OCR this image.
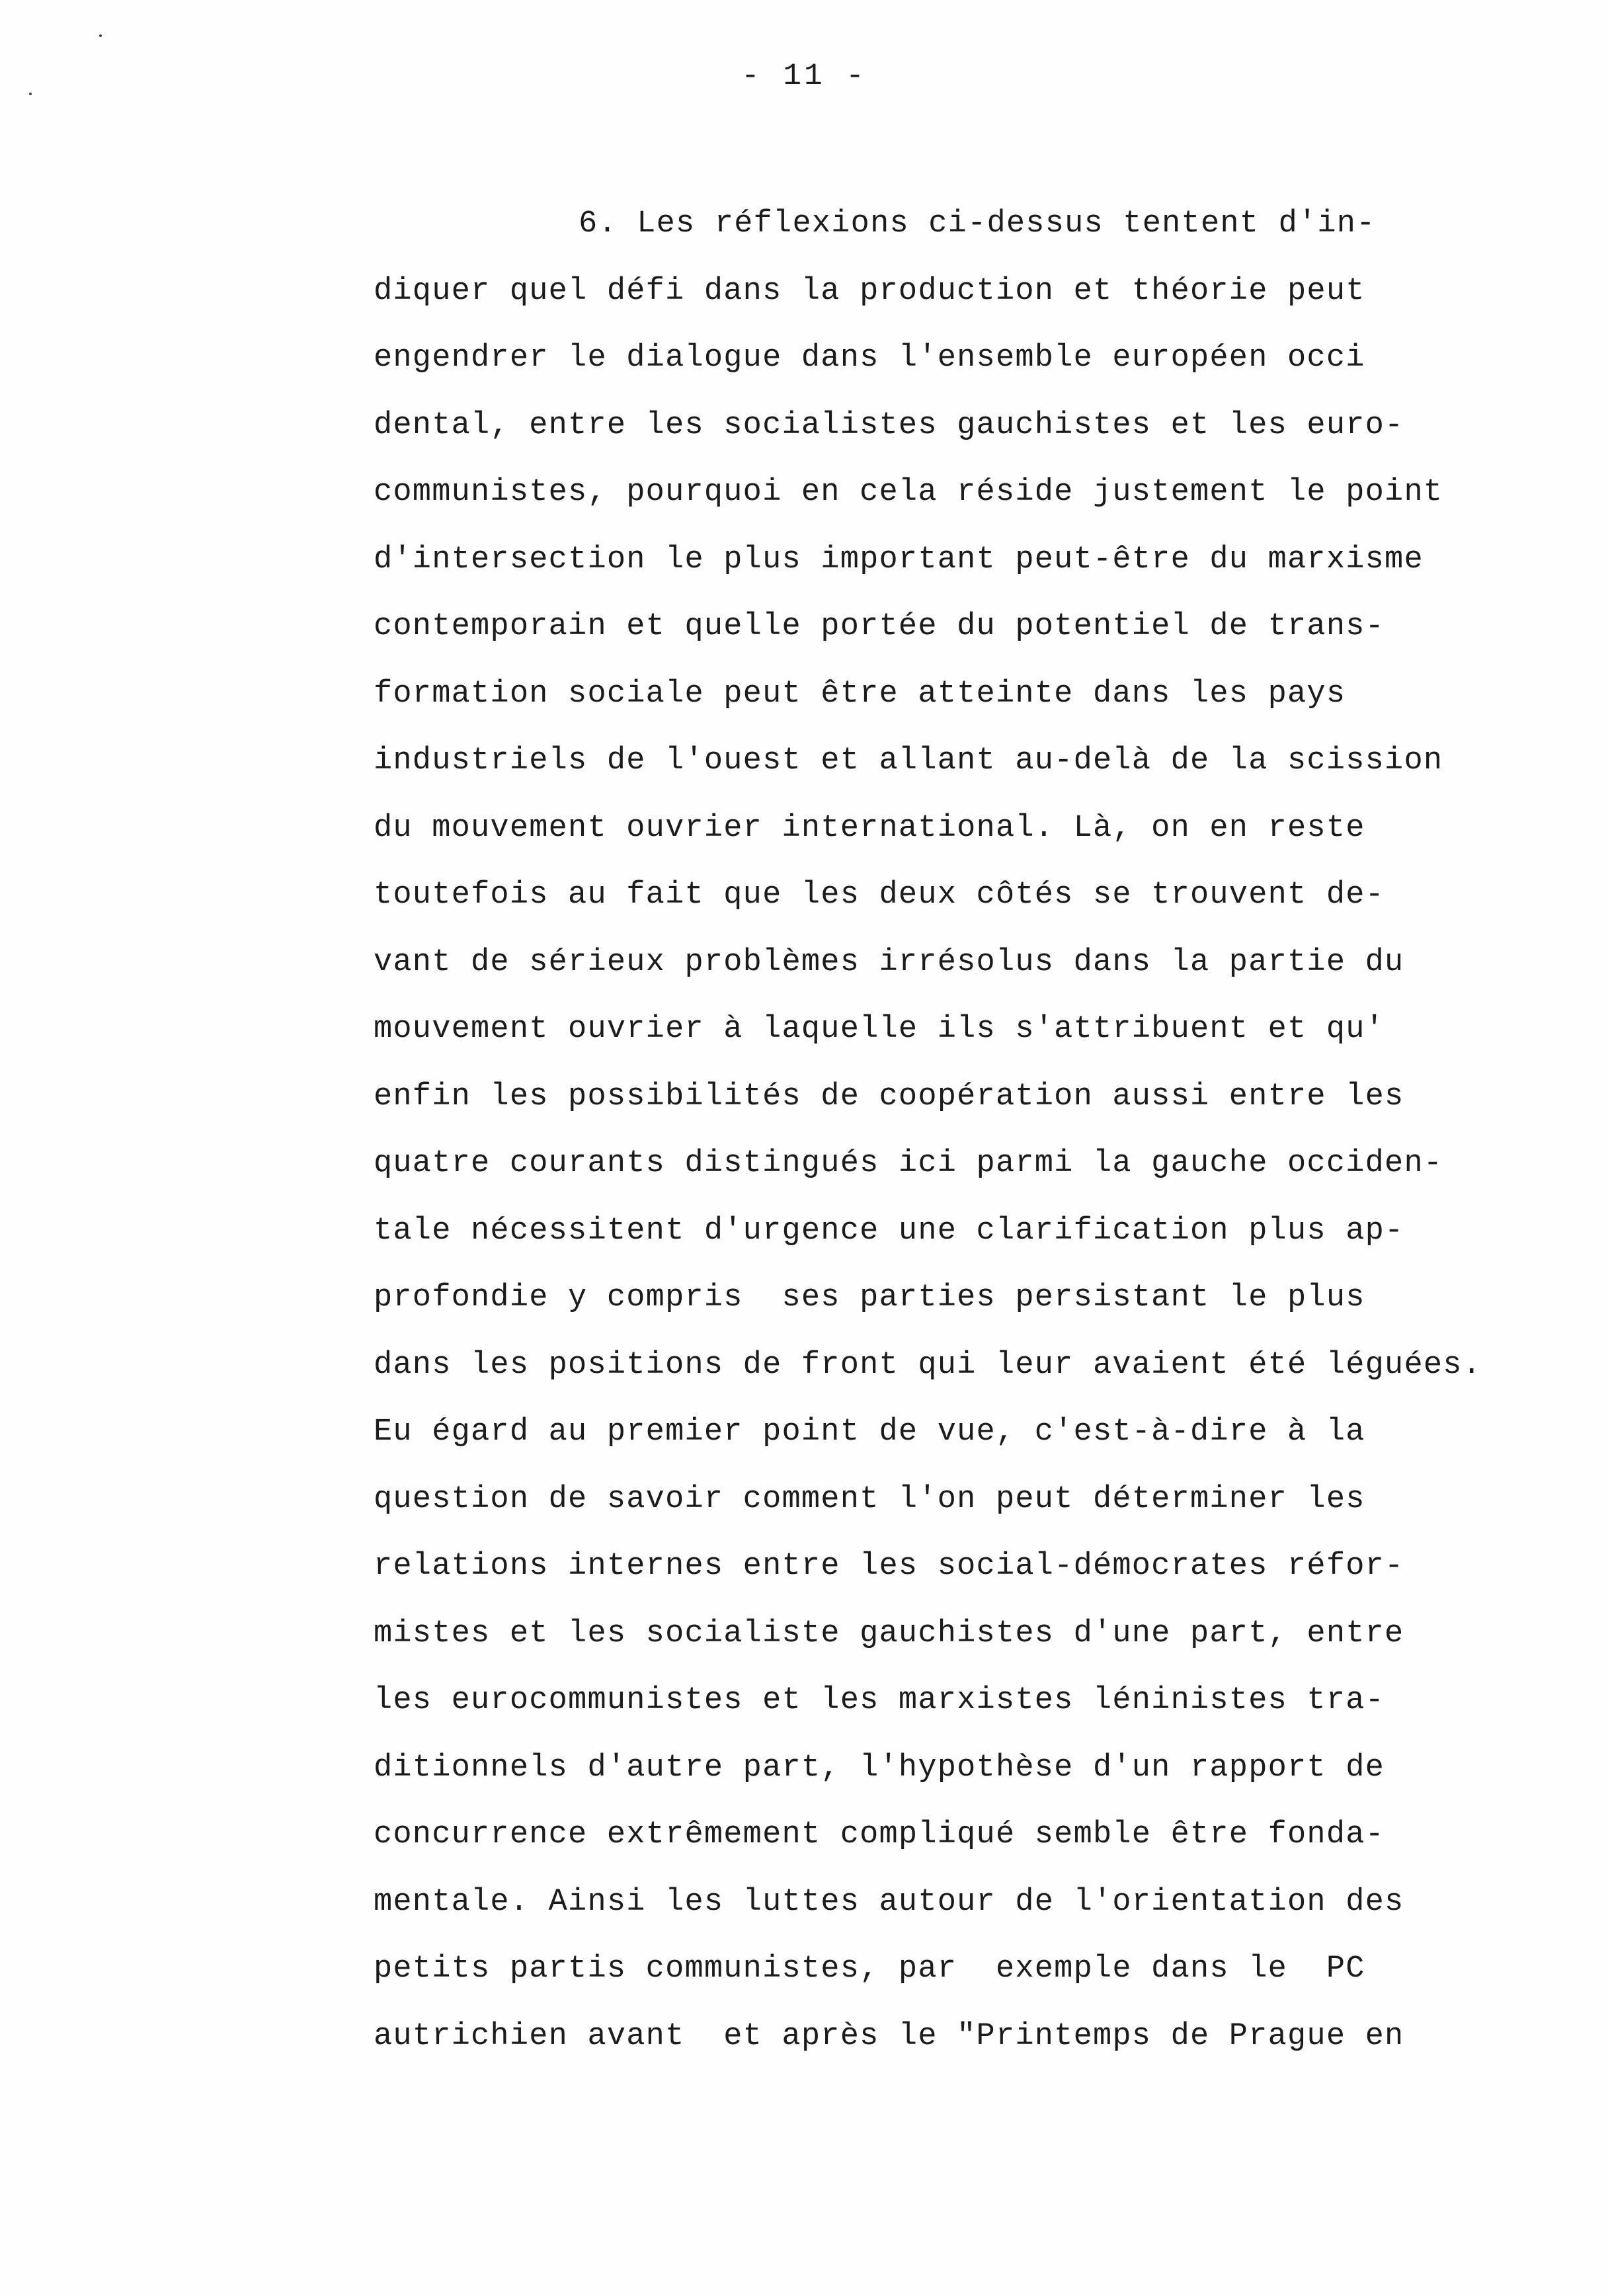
- 11 -
6. Les réflexions ci-dessus tentent d'in-
diquer quel défi dans la production et théorie peut
engendrer le dialogue dans l'ensemble européen occi
dental, entre les socialistes gauchistes et les euro-
communistes, pourquoi en cela réside justement le point
d'intersection le plus important peut-être du marxisme
contemporain et quelle portée du potentiel de trans-
formation sociale peut être atteinte dans les pays
industriels de l'ouest et allant au-delà de la scission
du mouvement ouvrier international. Là, on en reste
toutefois au fait que les deux côtés se trouvent de-
vant de sérieux problèmes irrésolus dans la partie du
mouvement ouvrier à laquelle ils s'attribuent et qu'
enfin les possibilités de coopération aussi entre les
quatre courants distingués ici parmi la gauche occiden-
tale nécessitent d'urgence une clarification plus ap-
profondie y compris  ses parties persistant le plus
dans les positions de front qui leur avaient été léguées.
Eu égard au premier point de vue, c'est-à-dire à la
question de savoir comment l'on peut déterminer les
relations internes entre les social-démocrates réfor-
mistes et les socialiste gauchistes d'une part, entre
les eurocommunistes et les marxistes léninistes tra-
ditionnels d'autre part, l'hypothèse d'un rapport de
concurrence extrêmement compliqué semble être fonda-
mentale. Ainsi les luttes autour de l'orientation des
petits partis communistes, par  exemple dans le  PC
autrichien avant  et après le "Printemps de Prague en
